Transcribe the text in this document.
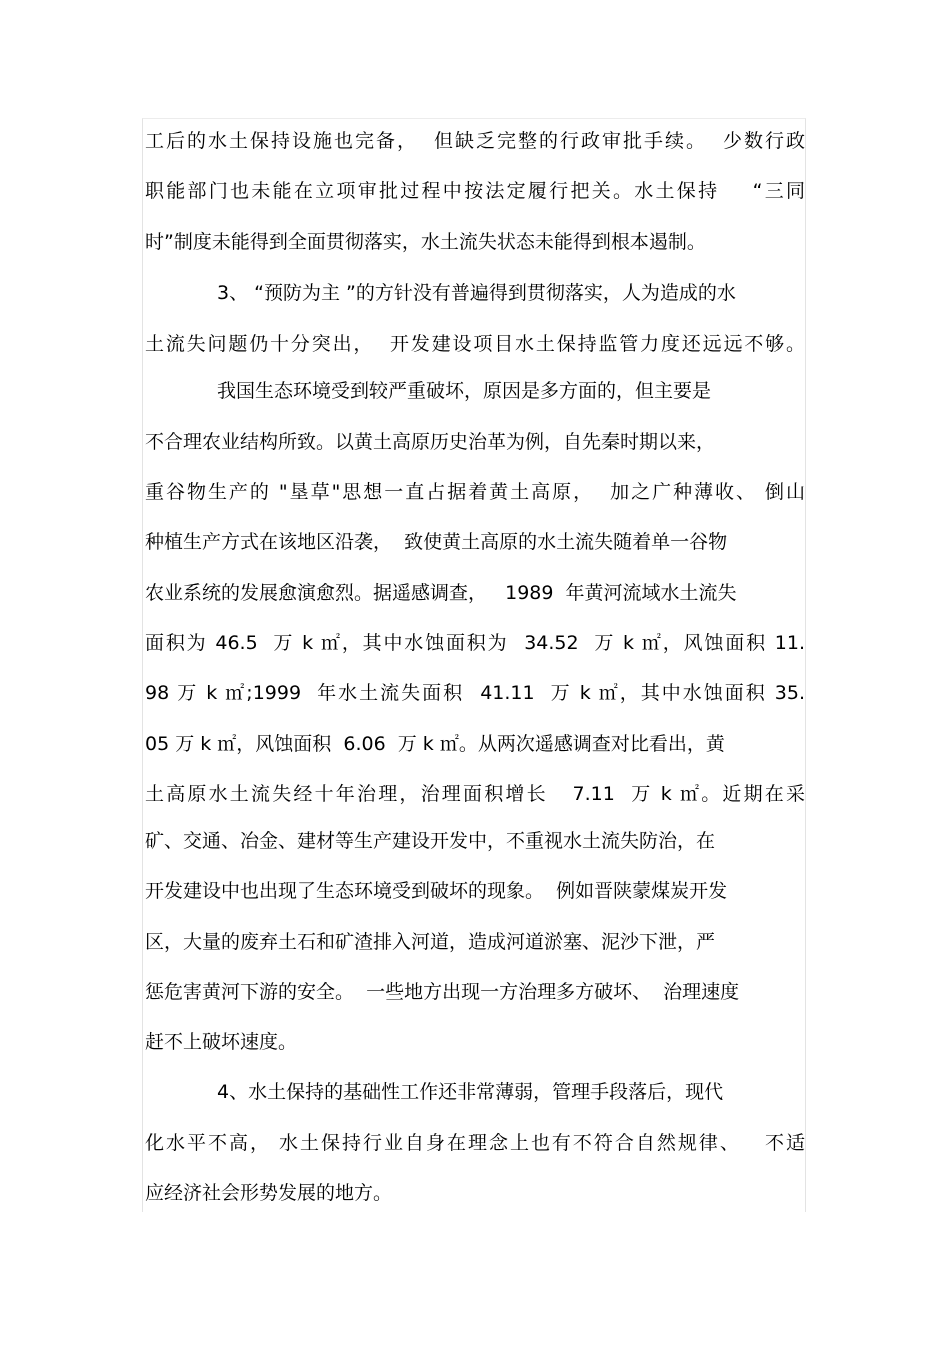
工后的水土保持设施也完备，  但缺乏完整的行政审批手续。  少数行政
职能部门也未能在立项审批过程中按法定履行把关。水土保持    “三同
时”制度未能得到全面贯彻落实，水土流失状态未能得到根本遏制。
3、 “预防为主 ”的方针没有普遍得到贯彻落实，人为造成的水
土流失问题仍十分突出，  开发建设项目水土保持监管力度还远远不够。
我国生态环境受到较严重破坏，原因是多方面的，但主要是
不合理农业结构所致。以黄土高原历史治革为例，自先秦时期以来，
重谷物生产的 "垦草"思想一直占据着黄土高原，  加之广种薄收、 倒山
种植生产方式在该地区沿袭，  致使黄土高原的水土流失随着单一谷物
农业系统的发展愈演愈烈。据遥感调查，   1989  年黄河流域水土流失
面积为 46.5  万 k ㎡，其中水蚀面积为  34.52  万 k ㎡，风蚀面积 11.
98 万 k ㎡;1999  年水土流失面积  41.11  万 k ㎡，其中水蚀面积 35.
05 万 k ㎡，风蚀面积  6.06  万 k ㎡。从两次遥感调查对比看出，黄
土高原水土流失经十年治理，治理面积增长   7.11  万 k ㎡。近期在采
矿、交通、冶金、建材等生产建设开发中，不重视水土流失防治，在
开发建设中也出现了生态环境受到破坏的现象。  例如晋陕蒙煤炭开发
区，大量的废弃土石和矿渣排入河道，造成河道淤塞、泥沙下泄，严
惩危害黄河下游的安全。  一些地方出现一方治理多方破坏、  治理速度
赶不上破坏速度。
4、水土保持的基础性工作还非常薄弱，管理手段落后，现代
化水平不高， 水土保持行业自身在理念上也有不符合自然规律、   不适
应经济社会形势发展的地方。
